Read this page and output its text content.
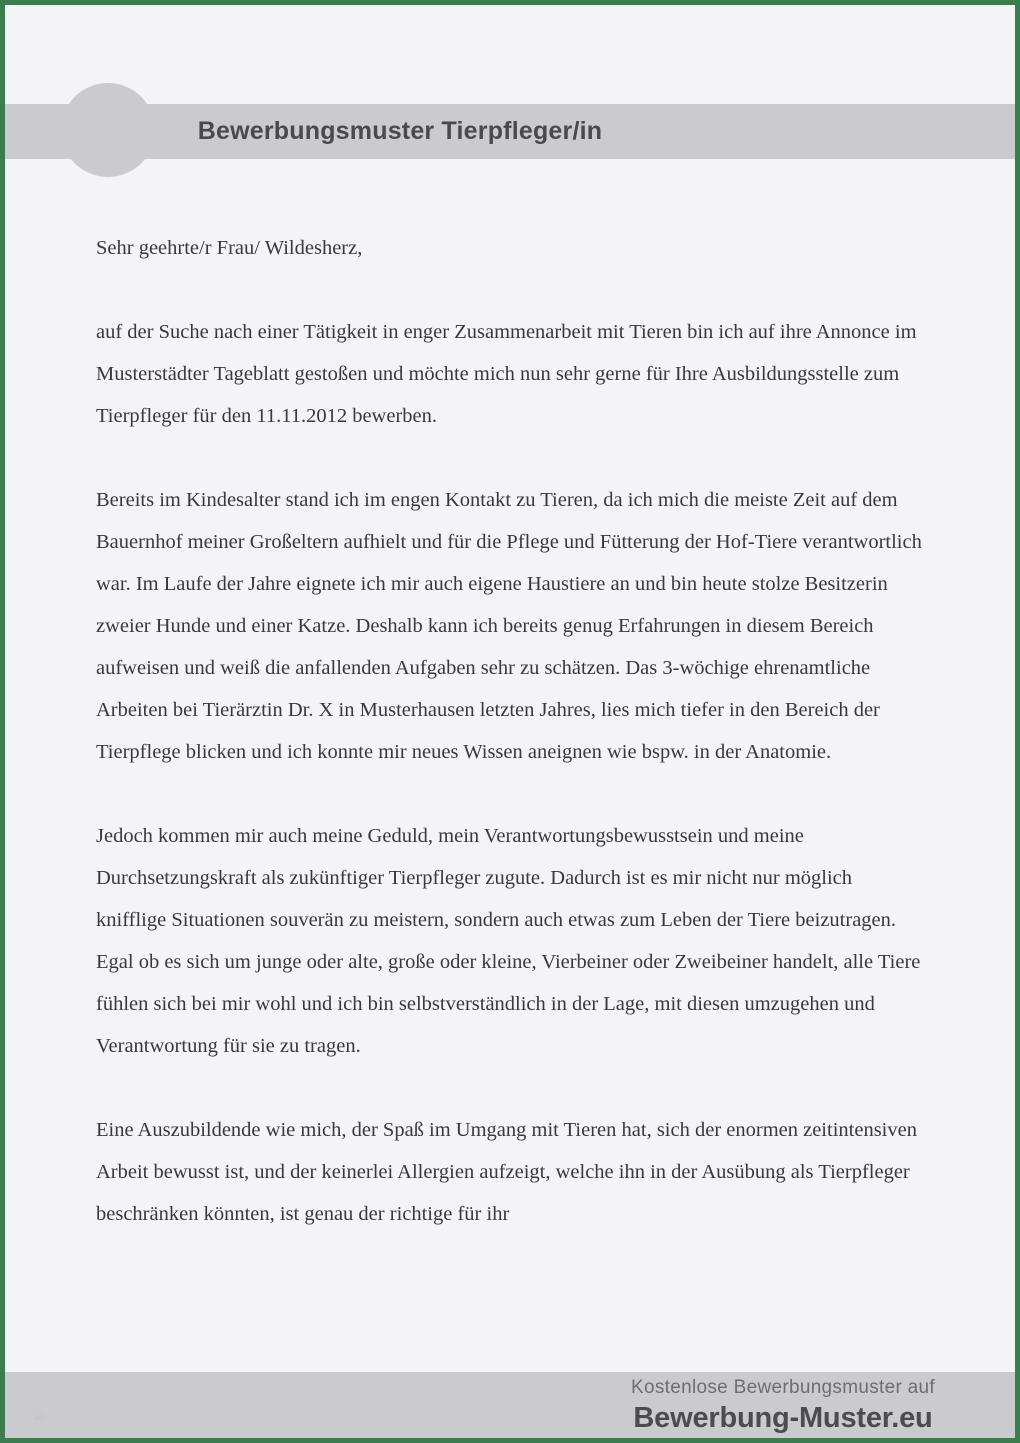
Bewerbungsmuster Tierpfleger/in

Sehr geehrte/r Frau/ Wildesherz,

auf der Suche nach einer Tätigkeit in enger Zusammenarbeit mit Tieren bin ich auf ihre Annonce im Musterstädter Tageblatt gestoßen und möchte mich nun sehr gerne für Ihre Ausbildungsstelle zum Tierpfleger für den 11.11.2012 bewerben.

Bereits im Kindesalter stand ich im engen Kontakt zu Tieren, da ich mich die meiste Zeit auf dem Bauernhof meiner Großeltern aufhielt und für die Pflege und Fütterung der Hof-Tiere verantwortlich war. Im Laufe der Jahre eignete ich mir auch eigene Haustiere an und bin heute stolze Besitzerin zweier Hunde und einer Katze. Deshalb kann ich bereits genug Erfahrungen in diesem Bereich aufweisen und weiß die anfallenden Aufgaben sehr zu schätzen. Das 3-wöchige ehrenamtliche Arbeiten bei Tierärztin Dr. X in Musterhausen letzten Jahres, lies mich tiefer in den Bereich der Tierpflege blicken und ich konnte mir neues Wissen aneignen wie bspw. in der Anatomie.

Jedoch kommen mir auch meine Geduld, mein Verantwortungsbewusstsein und meine Durchsetzungskraft als zukünftiger Tierpfleger zugute. Dadurch ist es mir nicht nur möglich knifflige Situationen souverän zu meistern, sondern auch etwas zum Leben der Tiere beizutragen. Egal ob es sich um junge oder alte, große oder kleine, Vierbeiner oder Zweibeiner handelt, alle Tiere fühlen sich bei mir wohl und ich bin selbstverständlich in der Lage, mit diesen umzugehen und Verantwortung für sie zu tragen.

Eine Auszubildende wie mich, der Spaß im Umgang mit Tieren hat, sich der enormen zeitintensiven Arbeit bewusst ist, und der keinerlei Allergien aufzeigt, welche ihn in der Ausübung als Tierpfleger beschränken könnten, ist genau der richtige für ihr

30
Kostenlose Bewerbungsmuster auf
Bewerbung-Muster.eu
